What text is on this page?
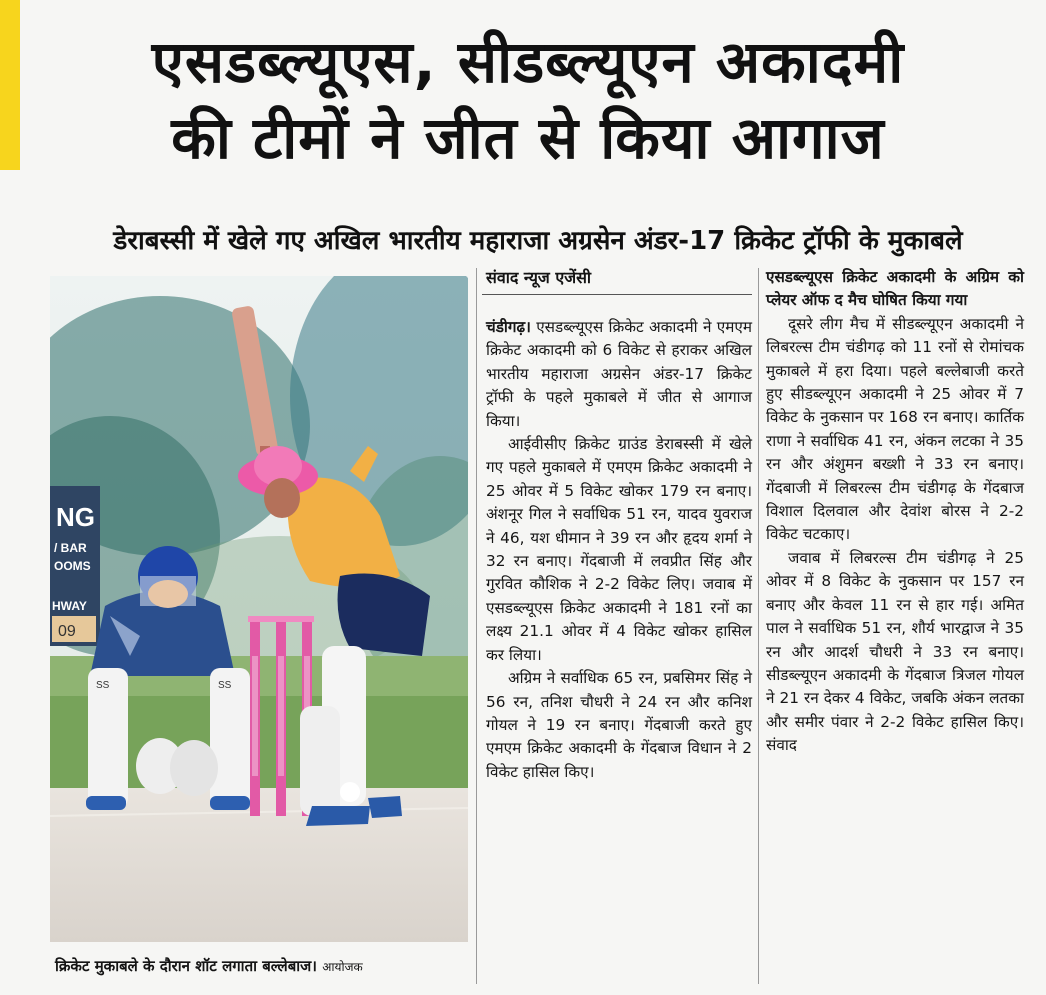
एसडब्ल्यूएस, सीडब्ल्यूएन अकादमी
की टीमों ने जीत से किया आगाज
डेराबस्सी में खेले गए अखिल भारतीय महाराजा अग्रसेन अंडर-17 क्रिकेट ट्रॉफी के मुकाबले
NG
/ BAR
OOMS
HWAY
09
SS	SS
क्रिकेट मुकाबले के दौरान शॉट लगाता बल्लेबाज। आयोजक
संवाद न्यूज एजेंसी

चंडीगढ़। एसडब्ल्यूएस क्रिकेट अकादमी ने एमएम क्रिकेट अकादमी को 6 विकेट से हराकर अखिल भारतीय महाराजा अग्रसेन अंडर-17 क्रिकेट ट्रॉफी के पहले मुकाबले में जीत से आगाज किया।

आईवीसीए क्रिकेट ग्राउंड डेराबस्सी में खेले गए पहले मुकाबले में एमएम क्रिकेट अकादमी ने 25 ओवर में 5 विकेट खोकर 179 रन बनाए। अंशनूर गिल ने सर्वाधिक 51 रन, यादव युवराज ने 46, यश धीमान ने 39 रन और हृदय शर्मा ने 32 रन बनाए। गेंदबाजी में लवप्रीत सिंह और गुरवित कौशिक ने 2-2 विकेट लिए। जवाब में एसडब्ल्यूएस क्रिकेट अकादमी ने 181 रनों का लक्ष्य 21.1 ओवर में 4 विकेट खोकर हासिल कर लिया।

अग्रिम ने सर्वाधिक 65 रन, प्रबसिमर सिंह ने 56 रन, तनिश चौधरी ने 24 रन और कनिश गोयल ने 19 रन बनाए। गेंदबाजी करते हुए एमएम क्रिकेट अकादमी के गेंदबाज विधान ने 2 विकेट हासिल किए।

एसडब्ल्यूएस क्रिकेट अकादमी के अग्रिम को प्लेयर ऑफ द मैच घोषित किया गया

दूसरे लीग मैच में सीडब्ल्यूएन अकादमी ने लिबरल्स टीम चंडीगढ़ को 11 रनों से रोमांचक मुकाबले में हरा दिया। पहले बल्लेबाजी करते हुए सीडब्ल्यूएन अकादमी ने 25 ओवर में 7 विकेट के नुकसान पर 168 रन बनाए। कार्तिक राणा ने सर्वाधिक 41 रन, अंकन लटका ने 35 रन और अंशुमन बख्शी ने 33 रन बनाए। गेंदबाजी में लिबरल्स टीम चंडीगढ़ के गेंदबाज विशाल दिलवाल और देवांश बोरस ने 2-2 विकेट चटकाए।

जवाब में लिबरल्स टीम चंडीगढ़ ने 25 ओवर में 8 विकेट के नुकसान पर 157 रन बनाए और केवल 11 रन से हार गई। अमित पाल ने सर्वाधिक 51 रन, शौर्य भारद्वाज ने 35 रन और आदर्श चौधरी ने 33 रन बनाए। सीडब्ल्यूएन अकादमी के गेंदबाज त्रिजल गोयल ने 21 रन देकर 4 विकेट, जबकि अंकन लतका और समीर पंवार ने 2-2 विकेट हासिल किए। संवाद
